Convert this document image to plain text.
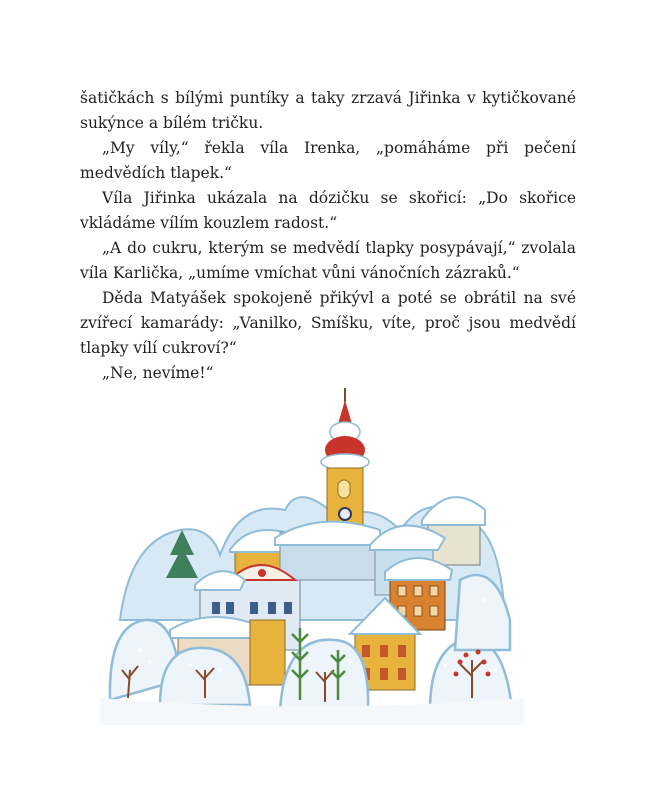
šatičkách s bílými puntíky a taky zrzavá Jiřinka v kytičkované sukýnce a bílém tričku.

„My víly,“ řekla víla Irenka, „pomáháme při pečení medvědích tlapek.“

Víla Jiřinka ukázala na dózičku se skořicí: „Do skořice vkládáme vílím kouzlem radost.“

„A do cukru, kterým se medvědí tlapky posypávají,“ zvolala víla Karlička, „umíme vmíchat vůni vánočních zázraků.“

Děda Matyášek spokojeně přikývl a poté se obrátil na své zvířecí kamarády: „Vanilko, Smíšku, víte, proč jsou medvědí tlapky vílí cukroví?“

„Ne, nevíme!“
